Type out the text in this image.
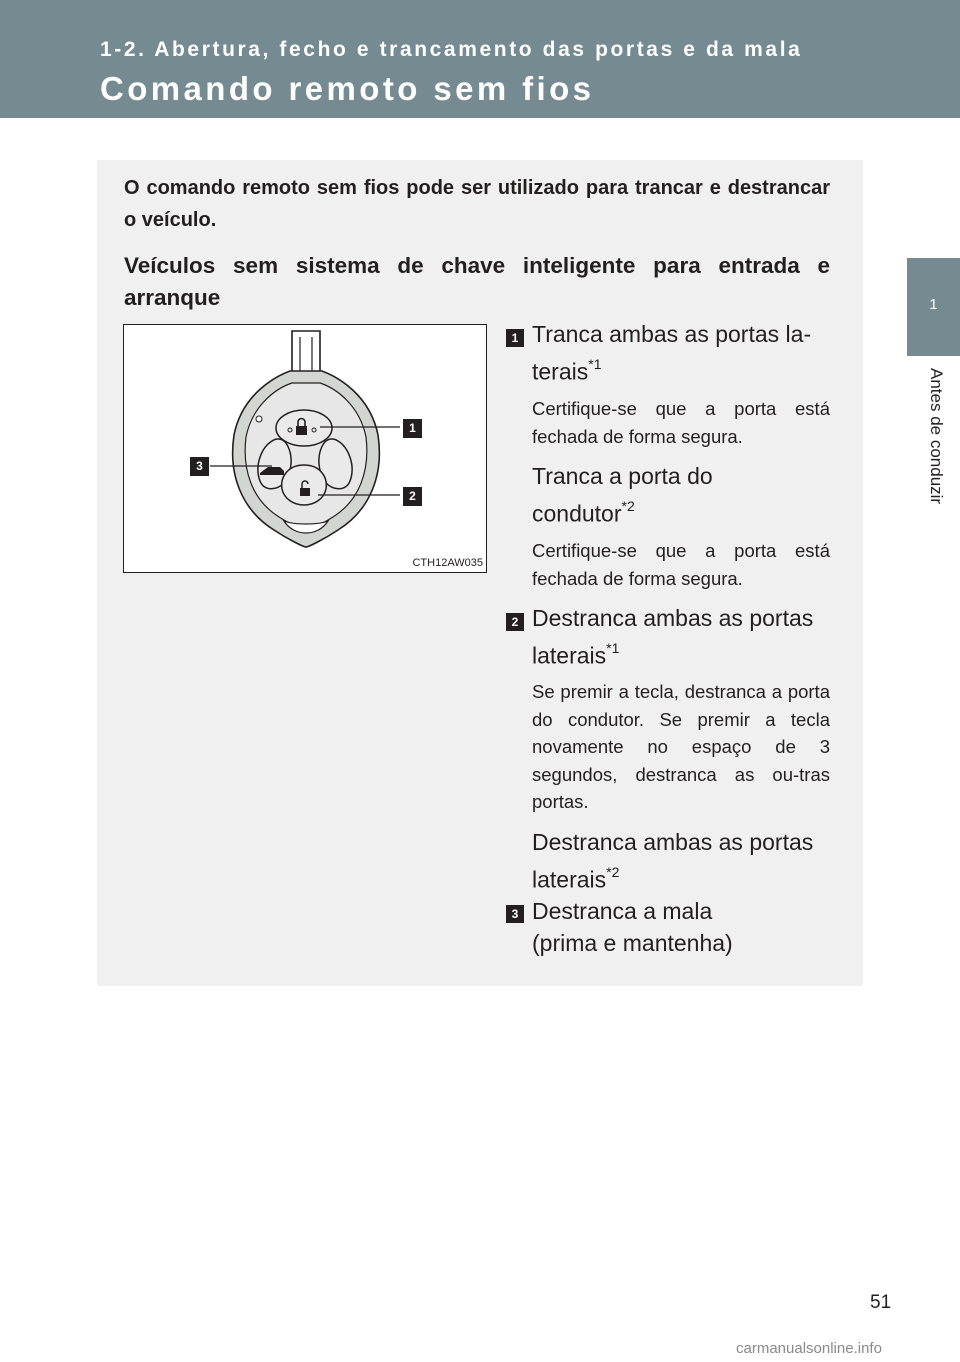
1-2. Abertura, fecho e trancamento das portas e da mala
Comando remoto sem fios
1
Antes de conduzir
O comando remoto sem fios pode ser utilizado para trancar e destrancar o veículo.
Veículos sem sistema de chave inteligente para entrada e arranque
1
2
3
CTH12AW035
1 Tranca ambas as portas la-
terais$^{*1}$
Certifique-se que a porta está fechada de forma segura.
Tranca a porta do
condutor$^{*2}$
Certifique-se que a porta está fechada de forma segura.
2 Destranca ambas as portas
laterais$^{*1}$
Se premir a tecla, destranca a porta do condutor. Se premir a tecla novamente no espaço de 3 segundos, destranca as ou-tras portas.
Destranca ambas as portas
laterais$^{*2}$
3 Destranca a mala
(prima e mantenha)
51
carmanualsonline.info
